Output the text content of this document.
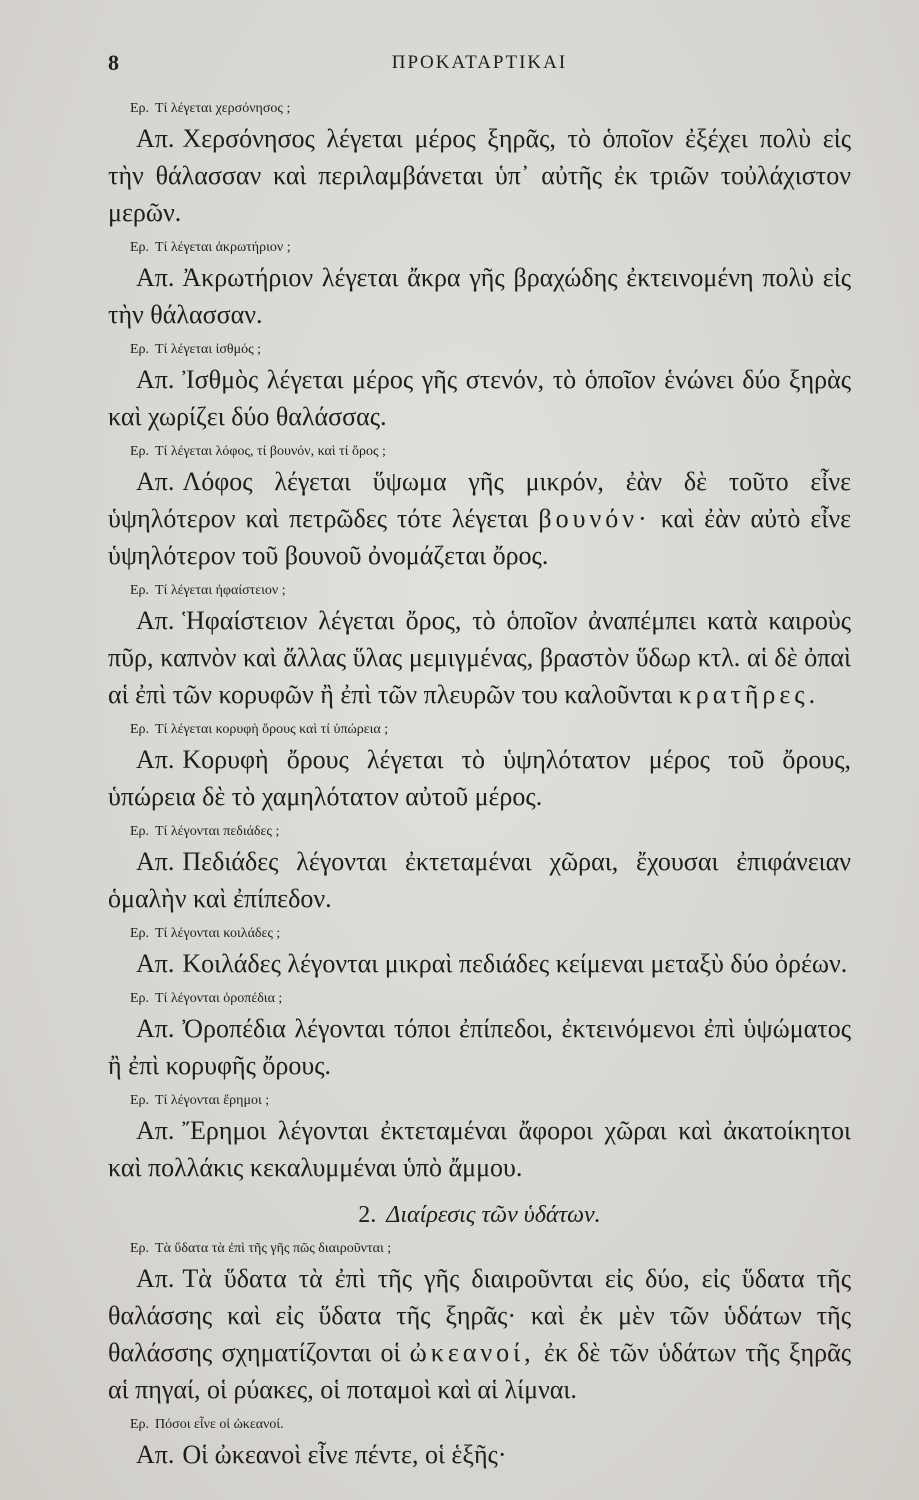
8	ΠΡΟΚΑΤΑΡΤΙΚΑΙ

Ερ. Τί λέγεται χερσόνησος ;

Απ. Χερσόνησος λέγεται μέρος ξηρᾶς, τὸ ὁποῖον ἐξέχει πολὺ εἰς τὴν θάλασσαν καὶ περιλαμβάνεται ὑπ᾽ αὐτῆς ἐκ τριῶν τοὐλάχιστον μερῶν.

Ερ. Τί λέγεται ἀκρωτήριον ;

Απ. Ἀκρωτήριον λέγεται ἄκρα γῆς βραχώδης ἐκτεινομένη πολὺ εἰς τὴν θάλασσαν.

Ερ. Τί λέγεται ἰσθμός ;

Απ. Ἰσθμὸς λέγεται μέρος γῆς στενόν, τὸ ὁποῖον ἑνώνει δύο ξηρὰς καὶ χωρίζει δύο θαλάσσας.

Ερ. Τί λέγεται λόφος, τί βουνόν, καὶ τί ὄρος ;

Απ. Λόφος λέγεται ὕψωμα γῆς μικρόν, ἐὰν δὲ τοῦτο εἶνε ὑψηλότερον καὶ πετρῶδες τότε λέγεται βουνόν· καὶ ἐὰν αὐτὸ εἶνε ὑψηλότερον τοῦ βουνοῦ ὀνομάζεται ὄρος.

Ερ. Τί λέγεται ἡφαίστειον ;

Απ. Ἡφαίστειον λέγεται ὄρος, τὸ ὁποῖον ἀναπέμπει κατὰ καιροὺς πῦρ, καπνὸν καὶ ἄλλας ὕλας μεμιγμένας, βραστὸν ὕδωρ κτλ. αἱ δὲ ὀπαὶ αἱ ἐπὶ τῶν κορυφῶν ἢ ἐπὶ τῶν πλευρῶν του καλοῦνται κρατῆρες.

Ερ. Τί λέγεται κορυφὴ ὄρους καὶ τί ὑπώρεια ;

Απ. Κορυφὴ ὄρους λέγεται τὸ ὑψηλότατον μέρος τοῦ ὄρους, ὑπώρεια δὲ τὸ χαμηλότατον αὐτοῦ μέρος.

Ερ. Τί λέγονται πεδιάδες ;

Απ. Πεδιάδες λέγονται ἐκτεταμέναι χῶραι, ἔχουσαι ἐπιφάνειαν ὁμαλὴν καὶ ἐπίπεδον.

Ερ. Τί λέγονται κοιλάδες ;

Απ. Κοιλάδες λέγονται μικραὶ πεδιάδες κείμεναι μεταξὺ δύο ὀρέων.

Ερ. Τί λέγονται ὀροπέδια ;

Απ. Ὀροπέδια λέγονται τόποι ἐπίπεδοι, ἐκτεινόμενοι ἐπὶ ὑψώματος ἢ ἐπὶ κορυφῆς ὄρους.

Ερ. Τί λέγονται ἔρημοι ;

Απ. Ἔρημοι λέγονται ἐκτεταμέναι ἄφοροι χῶραι καὶ ἀκατοίκητοι καὶ πολλάκις κεκαλυμμέναι ὑπὸ ἄμμου.

2. Διαίρεσις τῶν ὑδάτων.

Ερ. Τὰ ὕδατα τὰ ἐπὶ τῆς γῆς πῶς διαιροῦνται ;

Απ. Τὰ ὕδατα τὰ ἐπὶ τῆς γῆς διαιροῦνται εἰς δύο, εἰς ὕδατα τῆς θαλάσσης καὶ εἰς ὕδατα τῆς ξηρᾶς· καὶ ἐκ μὲν τῶν ὑδάτων τῆς θαλάσσης σχηματίζονται οἱ ὠκεανοί, ἐκ δὲ τῶν ὑδάτων τῆς ξηρᾶς αἱ πηγαί, οἱ ρύακες, οἱ ποταμοὶ καὶ αἱ λίμναι.

Ερ. Πόσοι εἶνε οἱ ὠκεανοί.

Απ. Οἱ ὠκεανοὶ εἶνε πέντε, οἱ ἑξῆς·
